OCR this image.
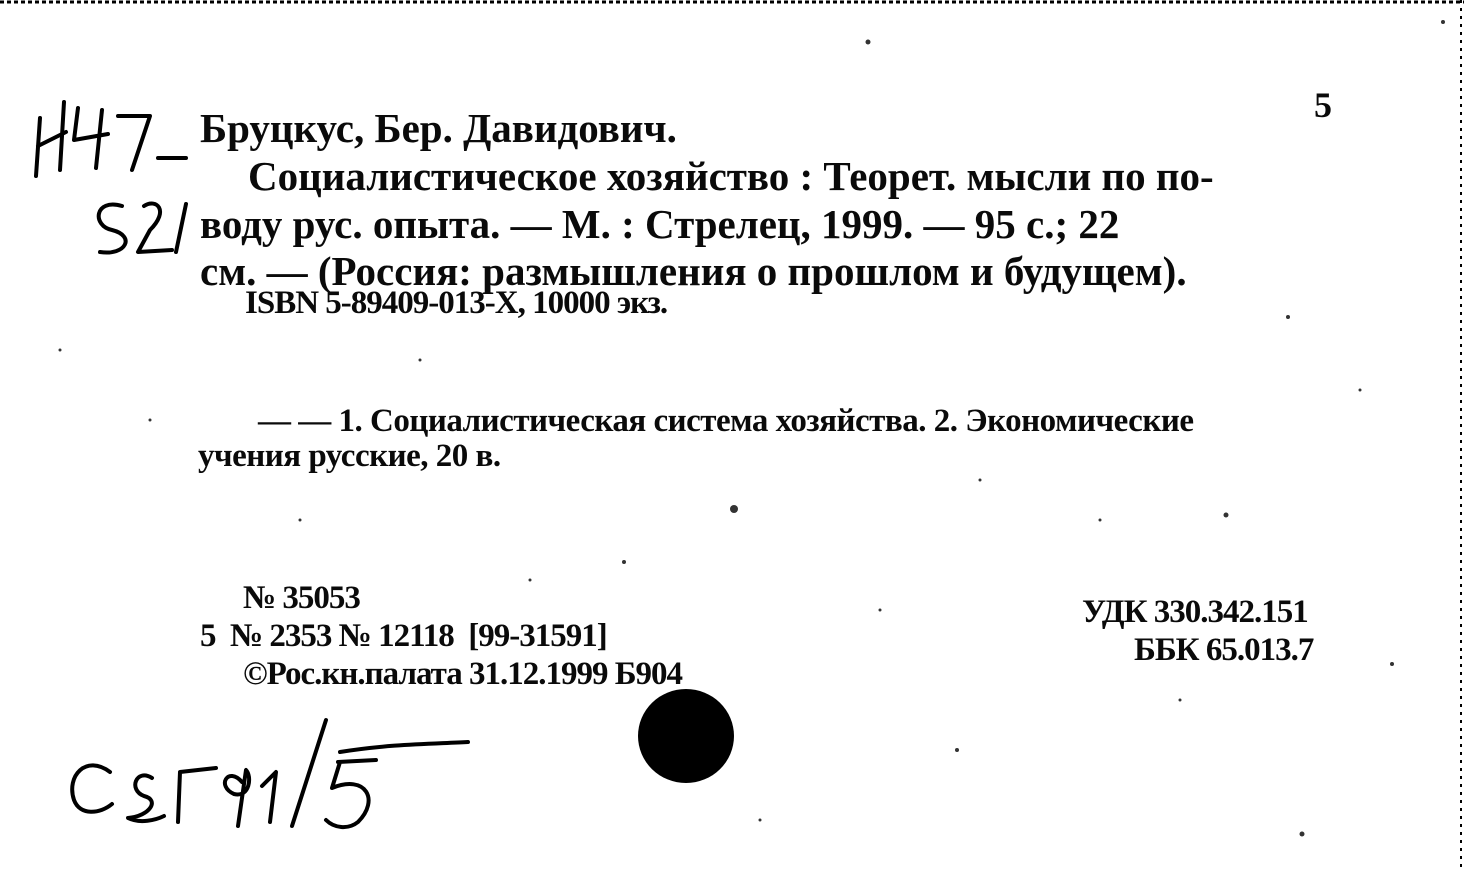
Бруцкус, Бер. Давидович.
Социалистическое хозяйство : Теорет. мысли по по-
воду рус. опыта. — М. : Стрелец, 1999. — 95 с.; 22
см. — (Россия: размышления о прошлом и будущем).
ISBN 5-89409-013-X, 10000 экз.
— — 1. Социалистическая система хозяйства. 2. Экономические
учения русские, 20 в.
№ 35053
5  № 2353 № 12118  [99-31591]
©Рос.кн.палата 31.12.1999 Б904
УДК 330.342.151
ББК 65.013.7
5
